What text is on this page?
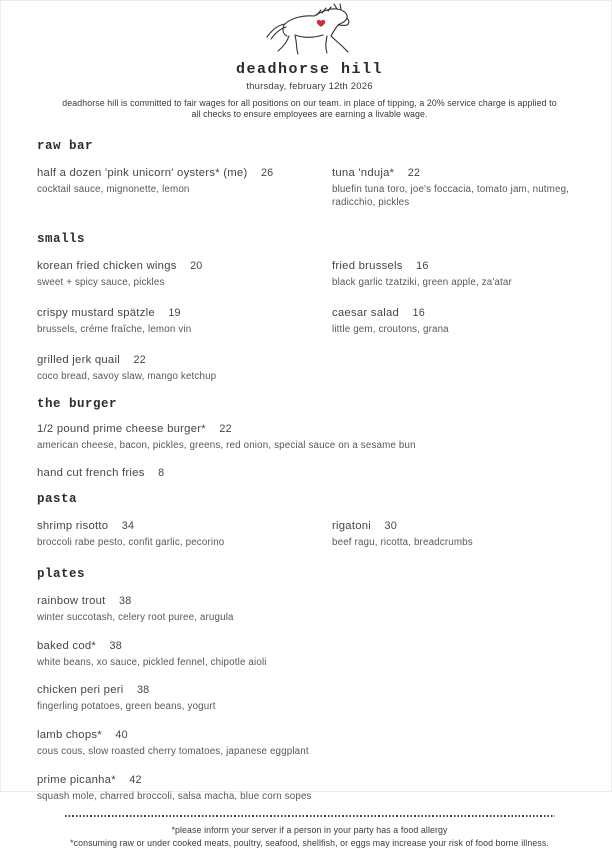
deadhorse hill
thursday, february 12th 2026

deadhorse hill is committed to fair wages for all positions on our team. in place of tipping, a 20% service charge is applied to
all checks to ensure employees are earning a livable wage.

raw bar
half a dozen 'pink unicorn' oysters* (me) 26
cocktail sauce, mignonette, lemon
tuna 'nduja* 22
bluefin tuna toro, joe's foccacia, tomato jam, nutmeg, radicchio, pickles
smalls
korean fried chicken wings 20
sweet + spicy sauce, pickles
fried brussels 16
black garlic tzatziki, green apple, za'atar
crispy mustard spätzle 19
brussels, créme fraîche, lemon vin
caesar salad 16
little gem, croutons, grana
grilled jerk quail 22
coco bread, savoy slaw, mango ketchup
the burger
1/2 pound prime cheese burger* 22
american cheese, bacon, pickles, greens, red onion, special sauce on a sesame bun
hand cut french fries 8
pasta
shrimp risotto 34
broccoli rabe pesto, confit garlic, pecorino
rigatoni 30
beef ragu, ricotta, breadcrumbs
plates
rainbow trout 38
winter succotash, celery root puree, arugula
baked cod* 38
white beans, xo sauce, pickled fennel, chipotle aioli
chicken peri peri 38
fingerling potatoes, green beans, yogurt
lamb chops* 40
cous cous, slow roasted cherry tomatoes, japanese eggplant
prime picanha* 42
squash mole, charred broccoli, salsa macha, blue corn sopes
*please inform your server if a person in your party has a food allergy
*consuming raw or under cooked meats, poultry, seafood, shellfish, or eggs may increase your risk of food borne illness.
